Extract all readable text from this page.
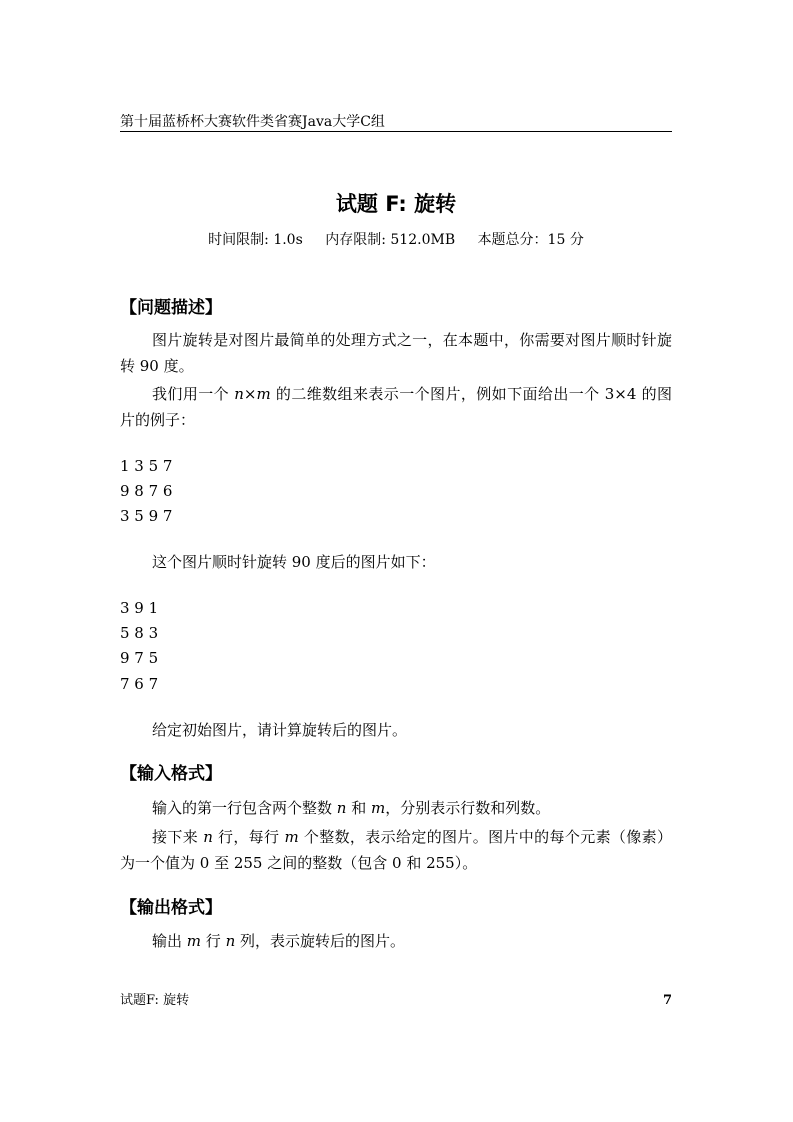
第十届蓝桥杯大赛软件类省赛Java大学C组
试题 F: 旋转
时间限制: 1.0s 内存限制: 512.0MB 本题总分：15 分
【问题描述】
图片旋转是对图片最简单的处理方式之一，在本题中，你需要对图片顺时针旋转 90 度。
我们用一个 n×m 的二维数组来表示一个图片，例如下面给出一个 3×4 的图片的例子：
1 3 5 7
9 8 7 6
3 5 9 7
这个图片顺时针旋转 90 度后的图片如下：
3 9 1
5 8 3
9 7 5
7 6 7
给定初始图片，请计算旋转后的图片。
【输入格式】
输入的第一行包含两个整数 n 和 m，分别表示行数和列数。
接下来 n 行，每行 m 个整数，表示给定的图片。图片中的每个元素（像素）为一个值为 0 至 255 之间的整数（包含 0 和 255）。
【输出格式】
输出 m 行 n 列，表示旋转后的图片。
试题F: 旋转	7
